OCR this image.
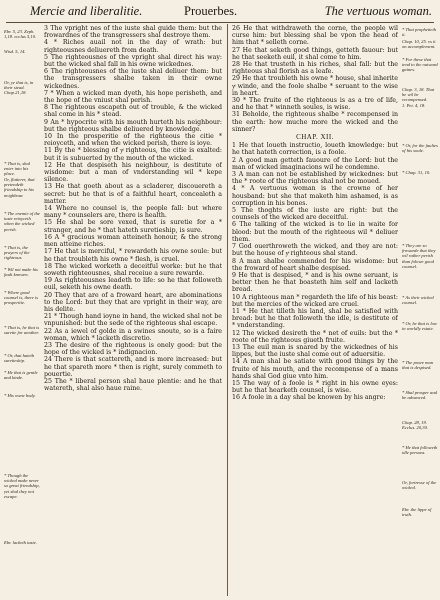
Mercie and liberalitie.	Prouerbes.	The vertuous woman.
Ebr. 5, 23. Zeph. 1,18. ecclus 5,10.
Wisd. 5, 14.
Or, ye that is, in their stead. Chap.21,18.
* That is, shal enter into his place.
Or, flatterer, that pretendeth friendship to his neighbour.
* The enemie of the iuste reioyceth when the wicked perish.
* That is, the prayers of the righteous.
* Wil not make his fault knowen.
* Where good counsel is, there is prosperitie.
* That is, he that is suretie for another.
* Or, that hateth suretieship.
* He that is gentle and kinde.
* His owne body.
* Though the wicked make never so great friendship, yet shal they not escape.
Ebr. lacketh taste.

3 The vpright nes of the iuste shal guide them: but the frowardnes of the transgressers shal destroye them.

4 * Riches auail not in the day of wrath: but righteousnes deliuereth from death.

5 The righteousnes of the vpright shal direct his way: but the wicked shal fall in his owne wickednes.

6 The righteousnes of the iuste shal deliuer them: but the transgressers shalbe taken in their owne wickednes.

7 * When a wicked man dyeth, his hope perisheth, and the hope of the vniust shal perish.

8 The righteous escapeth out of trouble, & the wicked shal come in his * stead.

9 An * hypocrite with his mouth hurteth his neighbour: but the righteous shalbe deliuered by knowledge.

10 In the prosperitie of the righteous the citie * reioyceth, and when the wicked perish, there is ioye.

11 By the * blessing of yͤ righteous, the citie is exalted: but it is subuerted by the mouth of the wicked.

12 He that despiseth his neighbour, is destitute of wisdome: but a man of vnderstanding wil * kepe silence.

13 He that goeth about as a scladerer, discouereth a secret: but he that is of a faithful heart, concealeth a matter.

14 Where no counsel is, the people fall: but where many * counselers are, there is health.

15 He shal be sore vexed, that is suretie for a * stranger, and he * that hateth suretieship, is sure.

16 A * gracious woman atteineth honour, & the strong men atteine riches.

17 He that is merciful, * rewardeth his owne soule: but he that troubleth his owne * flesh, is cruel.

18 The wicked worketh a deceitful worke: but he that soweth righteousnes, shal receiue a sure rewarde.

19 As righteousnes leadeth to life: so he that followeth euil, seketh his owne death.

20 They that are of a froward heart, are abominations to the Lord: but they that are vpright in their way, are his delite.

21 * Though hand ioyne in hand, the wicked shal not be vnpunished: but the sede of the righteous shal escape.

22 As a iewel of golde in a swines snoute, so is a faire woman, which * lacketh discretio.

23 The desire of the righteous is onely good: but the hope of the wicked is * indignacion.

24 There is that scattereth, and is more increased: but he that spareth more * then is right, surely commeth to pouertie.

25 The * liberal person shal haue plentie: and he that watereth, shal also haue raine.

26 He that withdraweth the corne, the people wil curse him: but blessing shal be vpon the head of him that * selleth corne.

27 He that seketh good things, getteth fauour: but he that seeketh euil, it shal come to him.

28 He that trusteth in his riches, shal fall: but the righteous shal florish as a leafe.

29 He that troubleth his owne * house, shal inherite yͤ winde, and the foole shalbe * seruant to the wise in heart.

30 * The fruite of the righteous is as a tre of life, and he that * winneth soules, is wise.

31 Beholde, the righteous shalbe * recompensed in the earth: how muche more the wicked and the sinner?

CHAP. XII.

1 He that loueth instructio, loueth knowledge: but he that hateth correction, is a foole.

2 A good man getteth fauoure of the Lord: but the man of wicked imaginacions wil he condemne.

3 A man can not be established by wickednes: but the * roote of the righteous shal not be moued.

4 * A vertuous woman is the crowne of her housband: but she that maketh him ashamed, is as corruption in his bones.

5 The thoghts of the iuste are right: but the counsels of the wicked are deceitful.

6 The talking of the wicked is to lie in waite for blood: but the mouth of the righteous wil * deliuer them.

7 God ouerthroweth the wicked, and they are not: but the house of yͤ righteous shal stand.

8 A man shalbe commended for his wisdome: but the froward of heart shalbe despised.

9 He that is despised, * and is his owne seruant, is better then he that boasteth him self and lacketh bread.

10 A righteous man * regardeth the life of his beast: but the mercies of the wicked are cruel.

11 * He that tilleth his land, shal be satisfied with bread: but he that followeth the idle, is destitute of * vnderstanding.

12 The wicked desireth the * net of euils: but the * roote of the righteous giueth fruite.

13 The euil man is snared by the wickednes of his lippes, but the iuste shal come out of aduersitie.

14 A man shal be satiate with good things by the fruite of his mouth, and the recompense of a mans hands shal God giue vnto him.

15 The way of a foole is * right in his owne eyes: but he that hearketh counsel, is wise.

16 A foole in a day shal be knowen by his angre:

* That prophetteth it.
Chap. 10, 25. vs it on accomplement.
* For these that tend to the outward gaines.
Chap. 3, 18. That he wil be recompensed.
1. Pet. 4, 18.
* Or, for the faultes of his soule.
* Chap. 31, 10.
* They are so frowarde that they wil rather perish than folowe good counsel.
* As their wicked counsel.
* Or, he that is low in worldly estate.
* The poore man that is despised.
* Shal prosper and be advanced.
Chap. 28, 19. Ecclus. 20,30.
* He that followeth idle persons.
Or, fortresse of the wicked.
Ebr. the lippe of truth.
